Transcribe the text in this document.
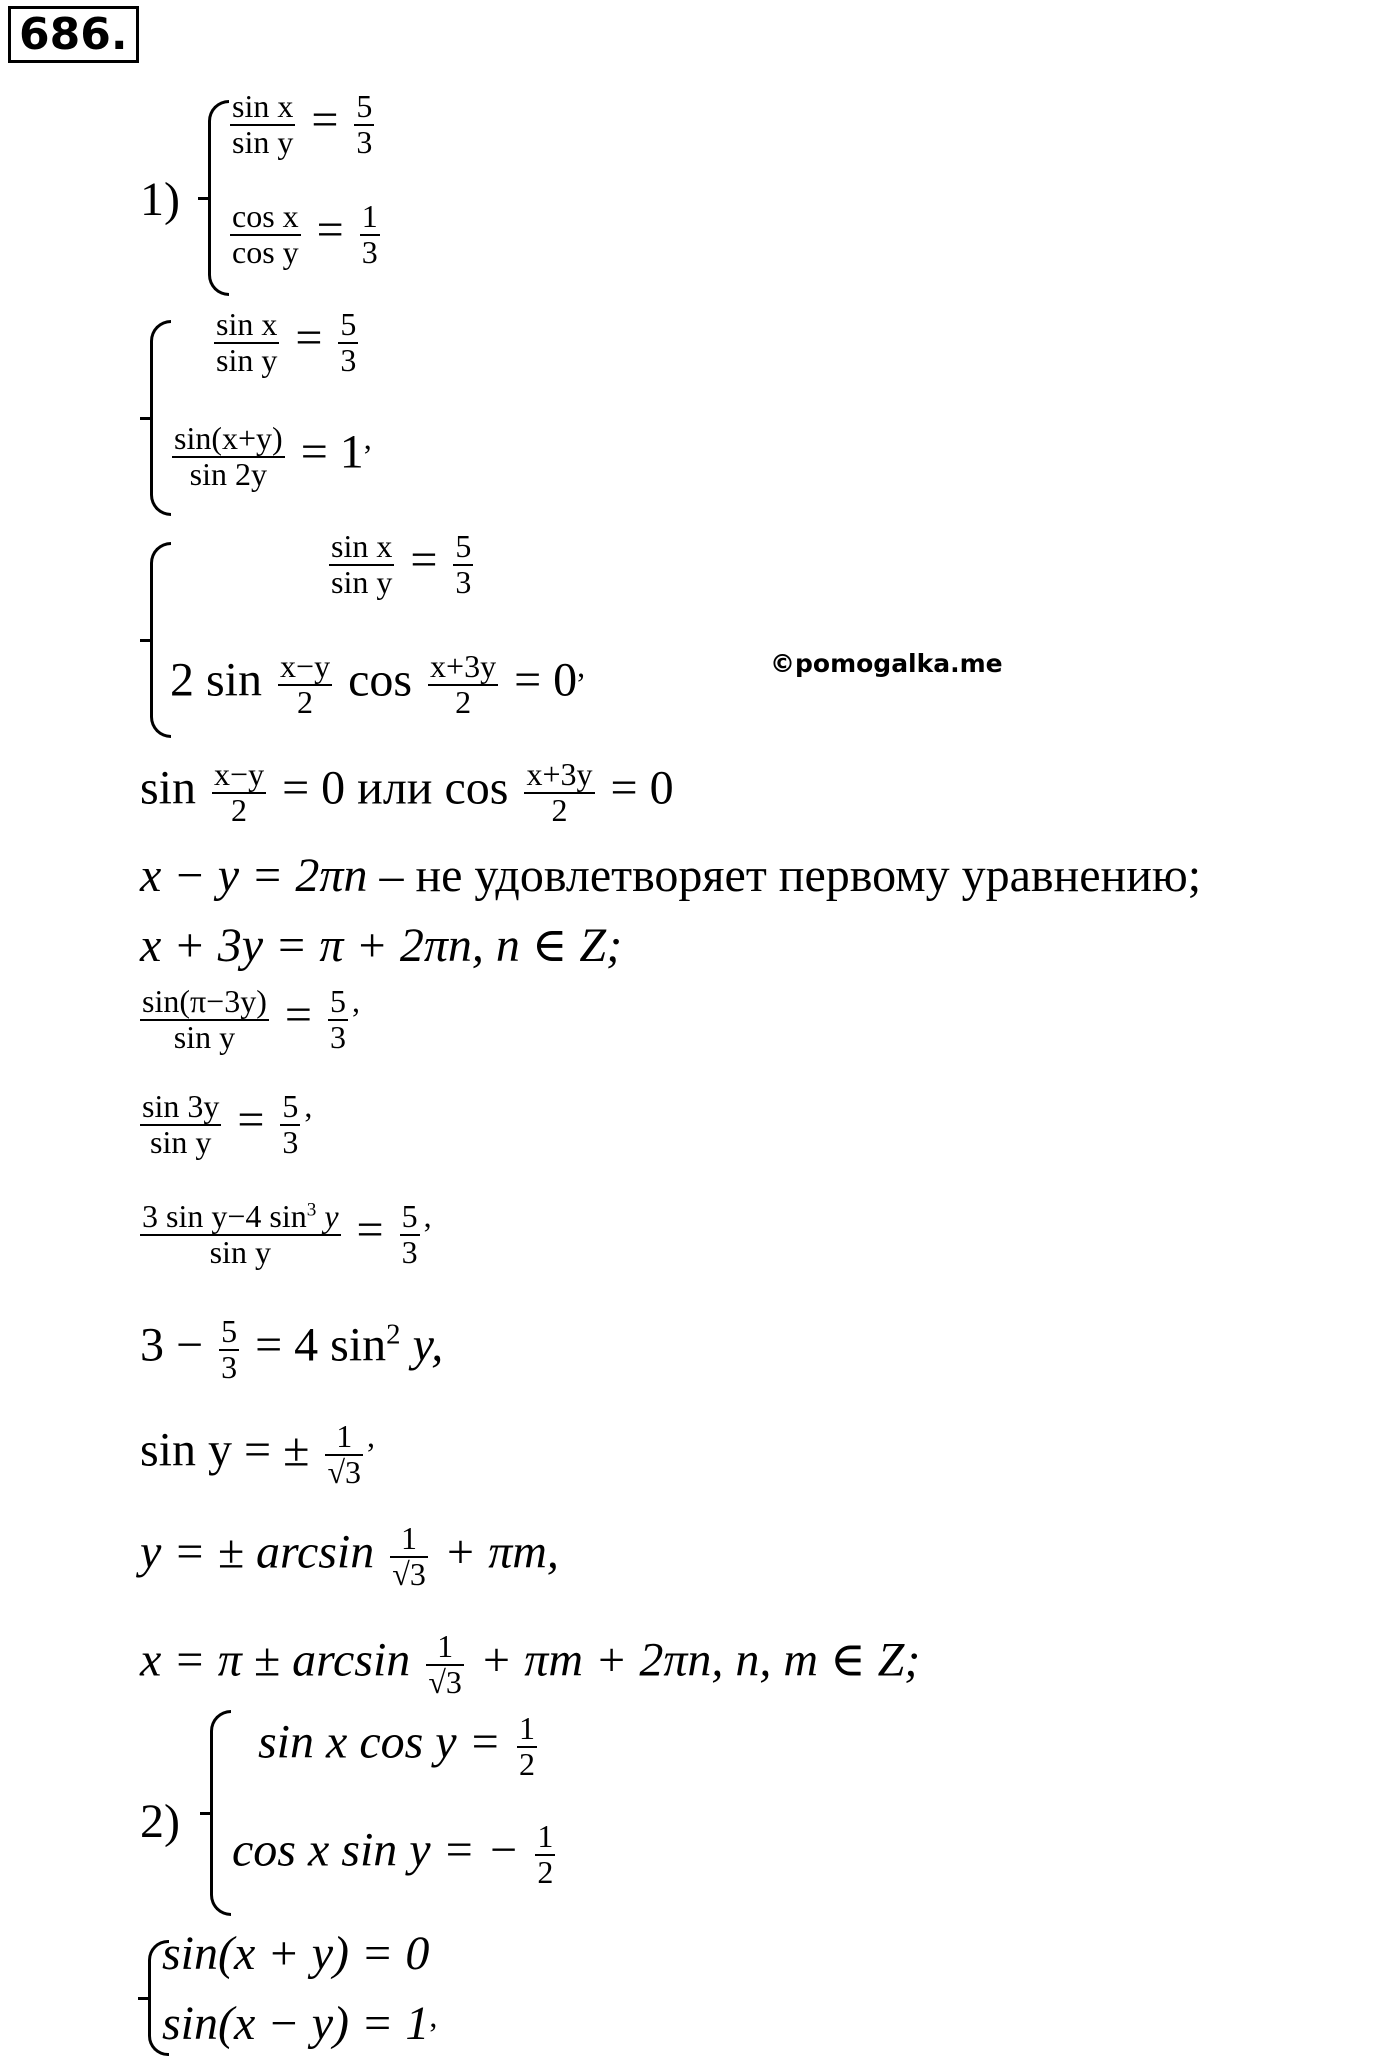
686.
©pomogalka.me
1)
$\frac{\text{sin x}}{\text{sin y}} = \frac{5}{3}$
$\frac{\text{cos x}}{\text{cos y}} = \frac{1}{3}$
$\frac{\text{sin x}}{\text{sin y}} = \frac{5}{3}$
$\frac{\sin(x+y)}{\sin 2y} = 1^,$
$\frac{\text{sin x}}{\text{sin y}} = \frac{5}{3}$
2 $\sin \frac{x-y}{2}$ $\cos \frac{x+3y}{2} = 0^,$
$\sin \frac{x-y}{2} = 0$ или $\cos \frac{x+3y}{2} = 0$
x − y = 2πn – не удовлетворяет первому уравнению;
x + 3y = π + 2πn, n ∈ Z;
$\frac{\sin(\pi-3y)}{\text{sin y}} = \frac{5}{3} ^,$
$\frac{\sin 3y}{\text{sin y}} = \frac{5}{3} ^,$
$\frac{3 \sin y-4 \sin^3 y}{\text{sin y}} = \frac{5}{3} ^,$
$3 - \frac{5}{3} = 4$ $\sin^2 y$,
sin y = ± $\frac{1}{√3} ^,$
y = ± $\arcsin \frac{1}{√3} + \pi m$,
$x = \pi \pm \arcsin \frac{1}{√3} + \pi m + 2\pi n$, n, m ∈ Z;
2)
sin x $\cos y = \frac{1}{2}$
cos x sin y = − $\frac{1}{2}$
sin(x + y) = 0
sin(x − y) = 1,
